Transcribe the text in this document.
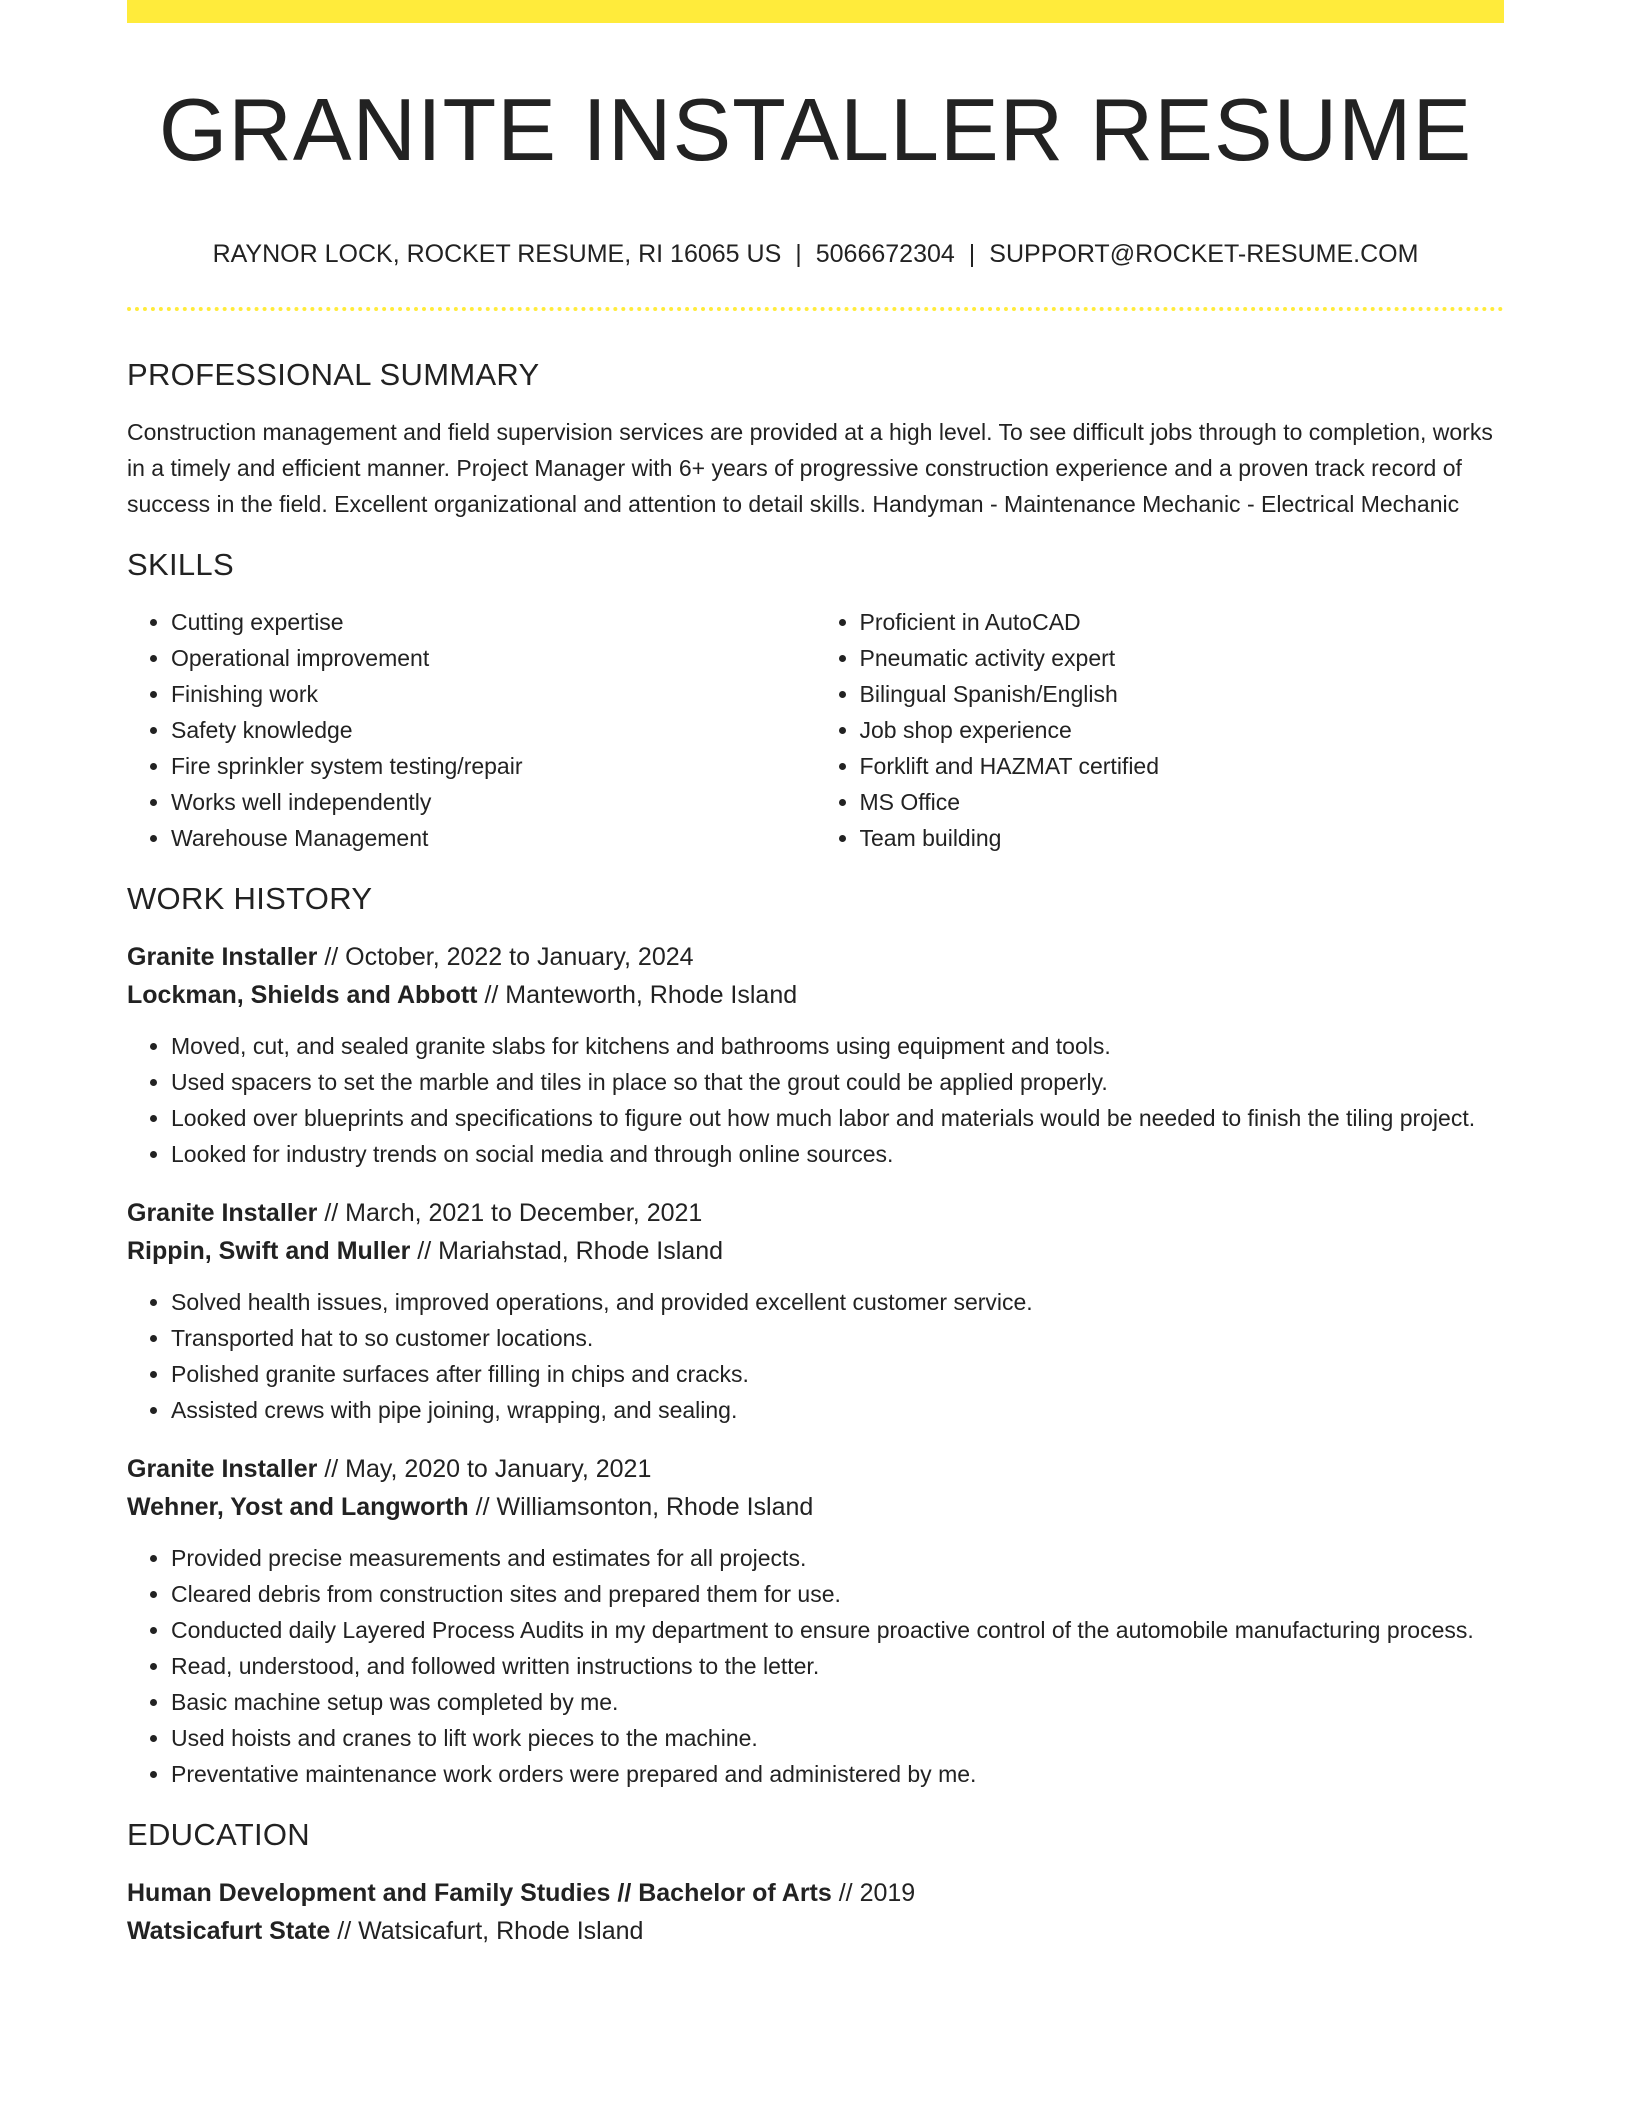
GRANITE INSTALLER RESUME
RAYNOR LOCK, ROCKET RESUME, RI 16065 US | 5066672304 | SUPPORT@ROCKET-RESUME.COM
PROFESSIONAL SUMMARY

Construction management and field supervision services are provided at a high level. To see difficult jobs through to completion, works in a timely and efficient manner. Project Manager with 6+ years of progressive construction experience and a proven track record of success in the field. Excellent organizational and attention to detail skills. Handyman - Maintenance Mechanic - Electrical Mechanic

SKILLS
• Cutting expertise
• Operational improvement
• Finishing work
• Safety knowledge
• Fire sprinkler system testing/repair
• Works well independently
• Warehouse Management
• Proficient in AutoCAD
• Pneumatic activity expert
• Bilingual Spanish/English
• Job shop experience
• Forklift and HAZMAT certified
• MS Office
• Team building
WORK HISTORY
Granite Installer // October, 2022 to January, 2024
Lockman, Shields and Abbott // Manteworth, Rhode Island
• Moved, cut, and sealed granite slabs for kitchens and bathrooms using equipment and tools.
• Used spacers to set the marble and tiles in place so that the grout could be applied properly.
• Looked over blueprints and specifications to figure out how much labor and materials would be needed to finish the tiling project.
• Looked for industry trends on social media and through online sources.
Granite Installer // March, 2021 to December, 2021
Rippin, Swift and Muller // Mariahstad, Rhode Island
• Solved health issues, improved operations, and provided excellent customer service.
• Transported hat to so customer locations.
• Polished granite surfaces after filling in chips and cracks.
• Assisted crews with pipe joining, wrapping, and sealing.
Granite Installer // May, 2020 to January, 2021
Wehner, Yost and Langworth // Williamsonton, Rhode Island
• Provided precise measurements and estimates for all projects.
• Cleared debris from construction sites and prepared them for use.
• Conducted daily Layered Process Audits in my department to ensure proactive control of the automobile manufacturing process.
• Read, understood, and followed written instructions to the letter.
• Basic machine setup was completed by me.
• Used hoists and cranes to lift work pieces to the machine.
• Preventative maintenance work orders were prepared and administered by me.
EDUCATION
Human Development and Family Studies // Bachelor of Arts // 2019
Watsicafurt State // Watsicafurt, Rhode Island
